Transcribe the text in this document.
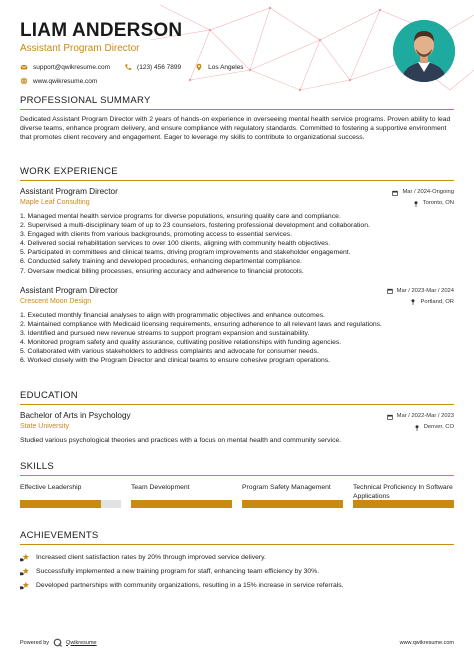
LIAM ANDERSON
Assistant Program Director
support@qwikresume.com	(123) 456 7899	Los Angeles
www.qwikresume.com
PROFESSIONAL SUMMARY
Dedicated Assistant Program Director with 2 years of hands-on experience in overseeing mental health service programs. Proven ability to lead diverse teams, enhance program delivery, and ensure compliance with regulatory standards. Committed to fostering a supportive environment that promotes client recovery and engagement. Eager to leverage my skills to contribute to organizational success.
WORK EXPERIENCE
Assistant Program Director
Maple Leaf Consulting
Mar / 2024-Ongoing
Toronto, ON
1. Managed mental health service programs for diverse populations, ensuring quality care and compliance.
2. Supervised a multi-disciplinary team of up to 23 counselors, fostering professional development and collaboration.
3. Engaged with clients from various backgrounds, promoting access to essential services.
4. Delivered social rehabilitation services to over 100 clients, aligning with community health objectives.
5. Participated in committees and clinical teams, driving program improvements and stakeholder engagement.
6. Conducted safety training and developed procedures, enhancing departmental compliance.
7. Oversaw medical billing processes, ensuring accuracy and adherence to financial protocols.
Assistant Program Director
Crescent Moon Design
Mar / 2023-Mar / 2024
Portland, OR
1. Executed monthly financial analyses to align with programmatic objectives and enhance outcomes.
2. Maintained compliance with Medicaid licensing requirements, ensuring adherence to all relevant laws and regulations.
3. Identified and pursued new revenue streams to support program expansion and sustainability.
4. Monitored program safety and quality assurance, cultivating positive relationships with funding agencies.
5. Collaborated with various stakeholders to address complaints and advocate for consumer needs.
6. Worked closely with the Program Director and clinical teams to ensure cohesive program operations.
EDUCATION
Bachelor of Arts in Psychology
State University
Mar / 2022-Mar / 2023
Denver, CO
Studied various psychological theories and practices with a focus on mental health and community service.
SKILLS
Effective Leadership	Team Development	Program Safety Management	Technical Proficiency In Software Applications
ACHIEVEMENTS
Increased client satisfaction rates by 20% through improved service delivery.
Successfully implemented a new training program for staff, enhancing team efficiency by 30%.
Developed partnerships with community organizations, resulting in a 15% increase in service referrals.
Powered by	Qwikresume	www.qwikresume.com
